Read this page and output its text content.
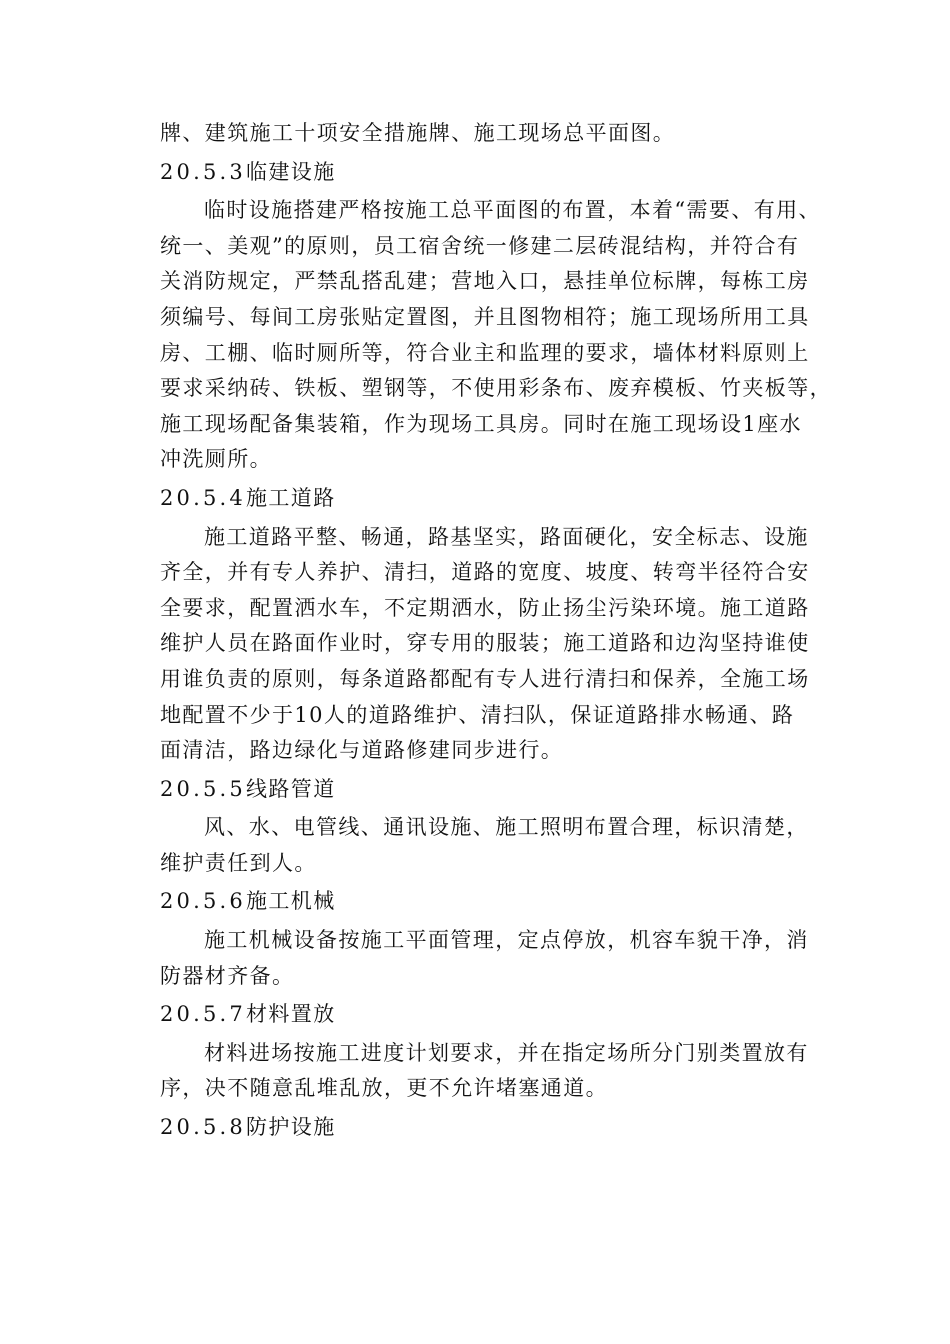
牌、建筑施工十项安全措施牌、施工现场总平面图。

20.5.3临建设施

临时设施搭建严格按施工总平面图的布置，本着“需要、有用、
统一、美观”的原则，员工宿舍统一修建二层砖混结构，并符合有
关消防规定，严禁乱搭乱建；营地入口，悬挂单位标牌，每栋工房
须编号、每间工房张贴定置图，并且图物相符；施工现场所用工具
房、工棚、临时厕所等，符合业主和监理的要求，墙体材料原则上
要求采纳砖、铁板、塑钢等，不使用彩条布、废弃模板、竹夹板等，
施工现场配备集装箱，作为现场工具房。同时在施工现场设1座水
冲洗厕所。

20.5.4施工道路

施工道路平整、畅通，路基坚实，路面硬化，安全标志、设施
齐全，并有专人养护、清扫，道路的宽度、坡度、转弯半径符合安
全要求，配置洒水车，不定期洒水，防止扬尘污染环境。施工道路
维护人员在路面作业时，穿专用的服装；施工道路和边沟坚持谁使
用谁负责的原则，每条道路都配有专人进行清扫和保养，全施工场
地配置不少于10人的道路维护、清扫队，保证道路排水畅通、路
面清洁，路边绿化与道路修建同步进行。

20.5.5线路管道

风、水、电管线、通讯设施、施工照明布置合理，标识清楚，
维护责任到人。

20.5.6施工机械

施工机械设备按施工平面管理，定点停放，机容车貌干净，消
防器材齐备。

20.5.7材料置放

材料进场按施工进度计划要求，并在指定场所分门别类置放有
序，决不随意乱堆乱放，更不允许堵塞通道。

20.5.8防护设施
